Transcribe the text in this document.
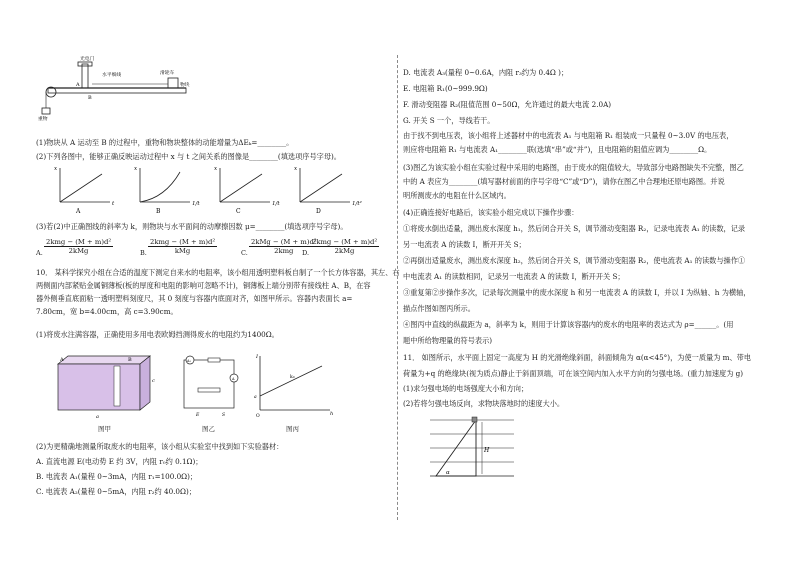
光电门
水平细线	滑轮车
物块
重物
A
B
(1)物块从 A 运动至 B 的过程中，重物和物块整体的动能增量为ΔEₖ=________。
(2)下列各图中，能够正确反映运动过程中 x 与 t 之间关系的图像是________(填选项序号字母)。
x
t
x
1/t
x
1/t
x
1/t²
A	B	C	D
(3)若(2)中正确图线的斜率为 k，则物块与水平面间的动摩擦因数 μ=________(填选项序号字母)。
A.
2kmg − (M + m)d²
2kMg	B.
2kmg − (M + m)d²
kMg	C.
2kMg − (M + m)d²
2kmg	D.
2kmg − (M + m)d²
2kMg
10． 某科学探究小组在合适的温度下测定自来水的电阻率，该小组用透明塑料板自制了一个长方体容器，其左、右
两侧面内部紧贴金属铜薄板(板的厚度和电阻的影响可忽略不计)，铜薄板上端分别带有接线柱 A、B，在容
器外侧垂直底面粘一透明塑料刻度尺，其 0 刻度与容器内底面对齐，如图甲所示。容器内表面长 a=
7.80cm，宽 b=4.00cm，高 c=3.90cm。
(1)将废水注满容器，正确使用多用电表欧姆挡测得废水的电阻约为1400Ω。
A	B
c
a
图甲
A₁
A
E	S
图乙
I
h
a
O
k₀
图丙
(2)为更精确地测量所取废水的电阻率，该小组从实验室中找到如下实验器材：
A. 直流电源 E(电动势 E 约 3V，内阻 r₀约 0.1Ω)；
B. 电流表 A₁(量程 0~3mA，内阻 r₁=100.0Ω)；
C. 电流表 A₂(量程 0~5mA，内阻 r₂约 40.0Ω)；
D. 电流表 A₃(量程 0~0.6A，内阻 r₃约为 0.4Ω )；
E. 电阻箱 R₁(0~999.9Ω)
F. 滑动变阻器 R₂(阻值范围 0~50Ω，允许通过的最大电流 2.0A)
G. 开关 S 一个，导线若干。
由于找不到电压表，该小组将上述器材中的电流表 A₁ 与电阻箱 R₁ 组装成一只量程 0~3.0V 的电压表，
则应将电阻箱 R₁ 与电流表 A₁________联(选填“串”或“并”)，且电阻箱的阻值应调为________Ω。
(3)图乙为该实验小组在实验过程中采用的电路图，由于废水的阻值较大，导致部分电路图缺失不完整，图乙
中的 A 表应为________(填写器材前面的序号字母“C”或“D”)，请你在图乙中合理地还原电路图。并说
明所测废水的电阻在什么区域内。
(4)正确连接好电路后，该实验小组完成以下操作步骤：
①将废水倒出适量，测出废水深度 h₁，然后闭合开关 S，调节滑动变阻器 R₂，记录电流表 A₁ 的读数，记录
另一电流表 A 的读数 I，断开开关 S；
②再倒出适量废水，测出废水深度 h₂，然后闭合开关 S，调节滑动变阻器 R₂，使电流表 A₁ 的读数与操作①
中电流表 A₁ 的读数相同，记录另一电流表 A 的读数 I，断开开关 S；
③重复第②步操作多次，记录每次测量中的废水深度 h 和另一电流表 A 的读数 I，并以 I 为纵轴、h 为横轴，
描点作图如图丙所示。
④图丙中直线的纵截距为 a，斜率为 k，则用于计算该容器内的废水的电阻率的表达式为 ρ=______。(用
题中所给物理量的符号表示)
11． 如图所示，水平面上固定一高度为 H 的光滑绝缘斜面，斜面倾角为 α(α<45°)，为使一质量为 m、带电
荷量为+q 的绝缘块(视为质点)静止于斜面顶端，可在该空间内加入水平方向的匀强电场。(重力加速度为 g)
(1)求匀强电场的电场强度大小和方向；
(2)若将匀强电场反向，求物块落地时的速度大小。
H
α
